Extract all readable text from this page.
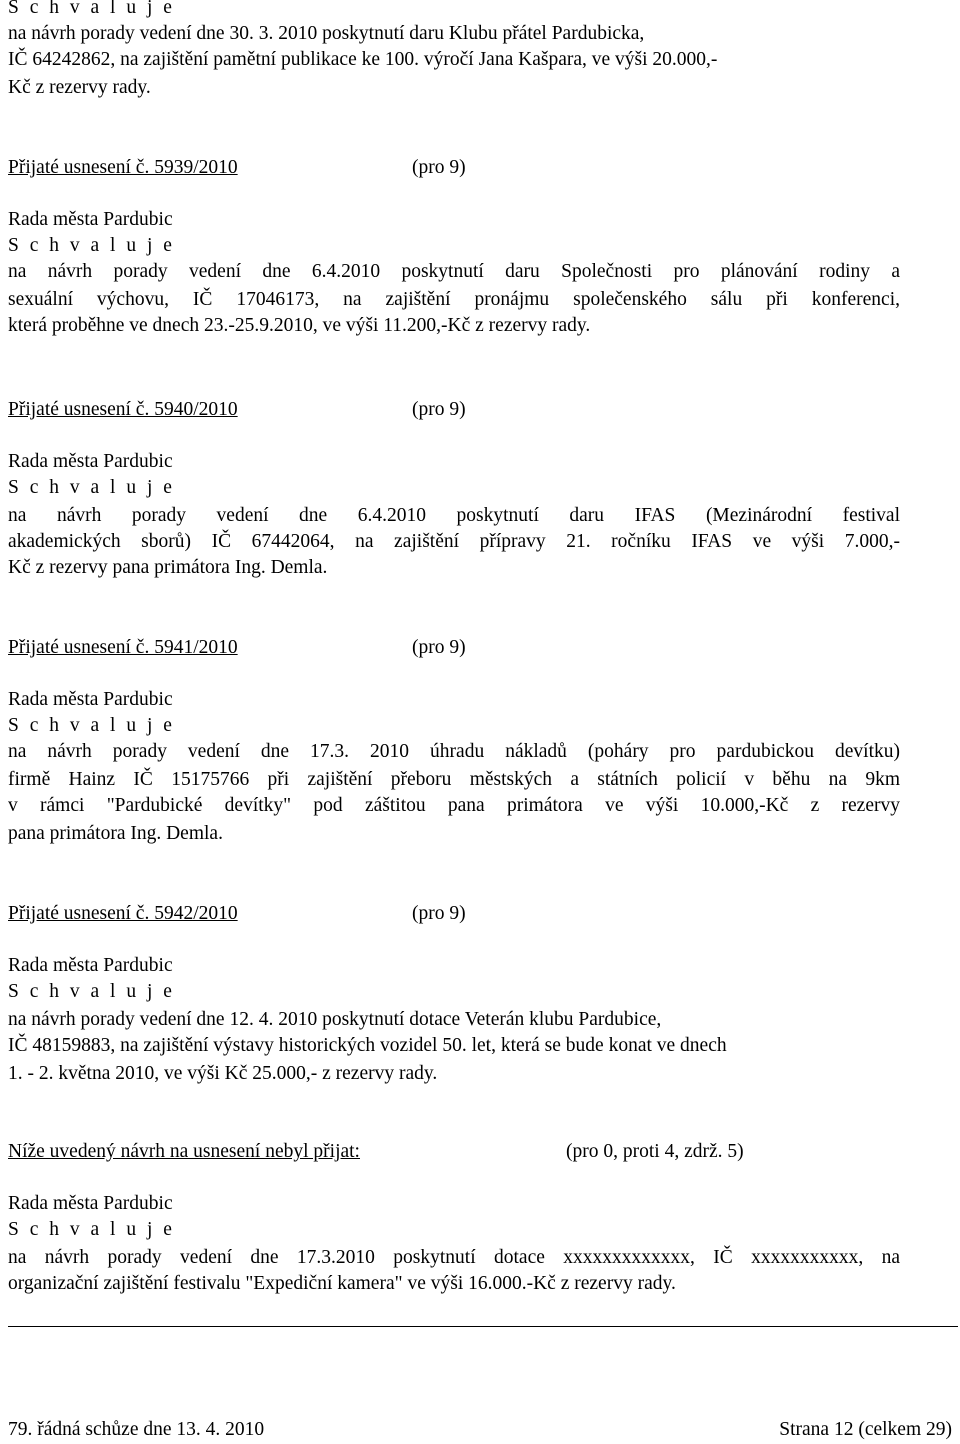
S c h v a l u j e
na návrh porady vedení dne 30. 3. 2010 poskytnutí daru Klubu přátel Pardubicka,
IČ 64242862, na zajištění pamětní publikace ke 100. výročí Jana Kašpara, ve výši 20.000,-
Kč z rezervy rady.
Přijaté usnesení č. 5939/2010	(pro 9)
Rada města Pardubic
S c h v a l u j e
na návrh porady vedení dne 6.4.2010 poskytnutí daru Společnosti pro plánování rodiny a
sexuální výchovu, IČ 17046173, na zajištění pronájmu společenského sálu při konferenci,
která proběhne ve dnech 23.-25.9.2010, ve výši 11.200,-Kč z rezervy rady.
Přijaté usnesení č. 5940/2010	(pro 9)
Rada města Pardubic
S c h v a l u j e
na návrh porady vedení dne 6.4.2010 poskytnutí daru IFAS (Mezinárodní festival
akademických sborů) IČ 67442064, na zajištění přípravy 21. ročníku IFAS ve výši 7.000,-
Kč z rezervy pana primátora Ing. Demla.
Přijaté usnesení č. 5941/2010	(pro 9)
Rada města Pardubic
S c h v a l u j e
na návrh porady vedení dne 17.3. 2010 úhradu nákladů (poháry pro pardubickou devítku)
firmě Hainz IČ 15175766 při zajištění přeboru městských a státních policií v běhu na 9km
v rámci "Pardubické devítky" pod záštitou pana primátora ve výši 10.000,-Kč z rezervy
pana primátora Ing. Demla.
Přijaté usnesení č. 5942/2010	(pro 9)
Rada města Pardubic
S c h v a l u j e
na návrh porady vedení dne 12. 4. 2010 poskytnutí dotace Veterán klubu Pardubice,
IČ 48159883, na zajištění výstavy historických vozidel 50. let, která se bude konat ve dnech
1. - 2. května 2010, ve výši Kč 25.000,- z rezervy rady.
Níže uvedený návrh na usnesení nebyl přijat:	(pro 0, proti 4, zdrž. 5)
Rada města Pardubic
S c h v a l u j e
na návrh porady vedení dne 17.3.2010 poskytnutí dotace xxxxxxxxxxxxx, IČ xxxxxxxxxxx, na
organizační zajištění festivalu "Expediční kamera" ve výši 16.000.-Kč z rezervy rady.
79. řádná schůze dne 13. 4. 2010	Strana 12 (celkem 29)
